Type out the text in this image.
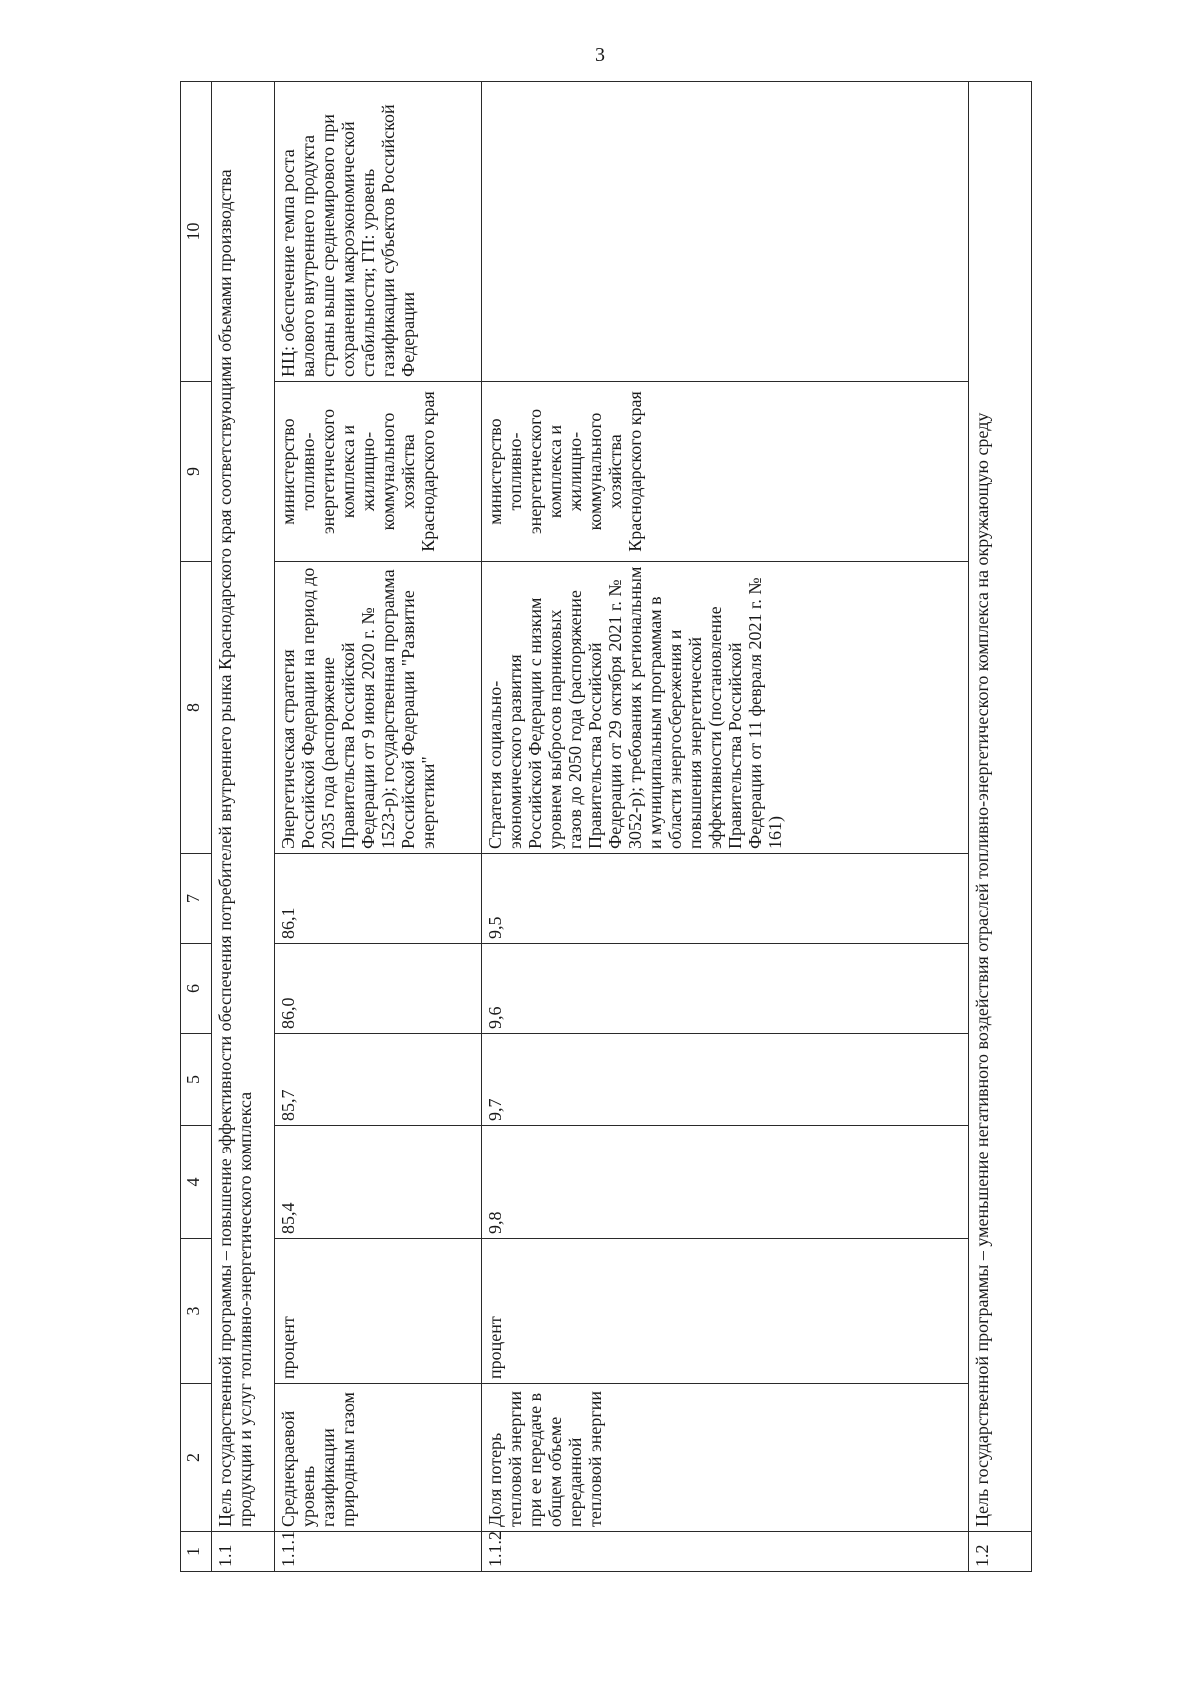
3
1	2	3	4	5	6	7	8	9	10
1.1	Цель государственной программы – повышение эффективности обеспечения потребителей внутреннего рынка Краснодарского края соответствующими объемами производства продукции и услуг топливно-энергетического комплекса								
1.1.1	Среднекраевой уровень газификации природным газом	процент	85,4	85,7	86,0	86,1	Энергетическая стратегия Российской Федерации на период до 2035 года (распоряжение Правительства Российской Федерации от 9 июня 2020 г. № 1523-р); государственная программа Российской Федерации "Развитие энергетики"	министерство топливно-энергетического комплекса и жилищно-коммунального хозяйства Краснодарского края	НЦ: обеспечение темпа роста валового внутреннего продукта страны выше среднемирового при сохранении макроэкономической стабильности; ГП: уровень газификации субъектов Российской Федерации
1.1.2	Доля потерь тепловой энергии при ее передаче в общем объеме переданной тепловой энергии	процент	9,8	9,7	9,6	9,5	Стратегия социально-экономического развития Российской Федерации с низким уровнем выбросов парниковых газов до 2050 года (распоряжение Правительства Российской Федерации от 29 октября 2021 г. № 3052-р); требования к региональным и муниципальным программам в области энергосбережения и повышения энергетической эффективности (постановление Правительства Российской Федерации от 11 февраля 2021 г. № 161)	министерство топливно-энергетического комплекса и жилищно-коммунального хозяйства Краснодарского края	
1.2	Цель государственной программы – уменьшение негативного воздействия отраслей топливно-энергетического комплекса на окружающую среду								
